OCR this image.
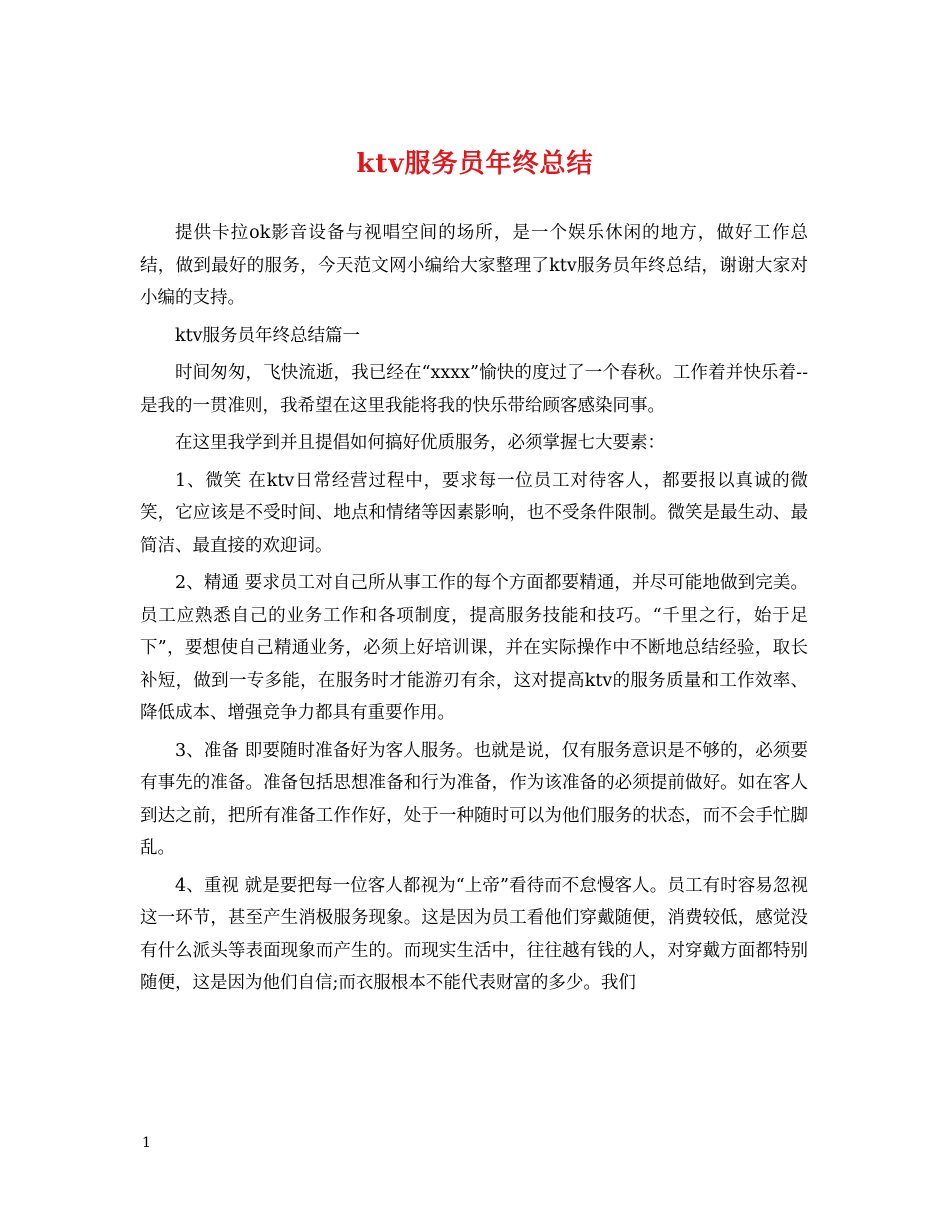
ktv服务员年终总结

提供卡拉ok影音设备与视唱空间的场所，是一个娱乐休闲的地方，做好工作总结，做到最好的服务，今天范文网小编给大家整理了ktv服务员年终总结，谢谢大家对小编的支持。

ktv服务员年终总结篇一

时间匆匆，飞快流逝，我已经在“xxxx”愉快的度过了一个春秋。工作着并快乐着--是我的一贯准则，我希望在这里我能将我的快乐带给顾客感染同事。

在这里我学到并且提倡如何搞好优质服务，必须掌握七大要素：

1、微笑 在ktv日常经营过程中，要求每一位员工对待客人，都要报以真诚的微笑，它应该是不受时间、地点和情绪等因素影响，也不受条件限制。微笑是最生动、最简洁、最直接的欢迎词。

2、精通 要求员工对自己所从事工作的每个方面都要精通，并尽可能地做到完美。员工应熟悉自己的业务工作和各项制度，提高服务技能和技巧。“千里之行，始于足下”，要想使自己精通业务，必须上好培训课，并在实际操作中不断地总结经验，取长补短，做到一专多能，在服务时才能游刃有余，这对提高ktv的服务质量和工作效率、降低成本、增强竞争力都具有重要作用。

3、准备 即要随时准备好为客人服务。也就是说，仅有服务意识是不够的，必须要有事先的准备。准备包括思想准备和行为准备，作为该准备的必须提前做好。如在客人到达之前，把所有准备工作作好，处于一种随时可以为他们服务的状态，而不会手忙脚乱。

4、重视 就是要把每一位客人都视为“上帝”看待而不怠慢客人。员工有时容易忽视这一环节，甚至产生消极服务现象。这是因为员工看他们穿戴随便，消费较低，感觉没有什么派头等表面现象而产生的。而现实生活中，往往越有钱的人，对穿戴方面都特别随便，这是因为他们自信;而衣服根本不能代表财富的多少。我们

1
